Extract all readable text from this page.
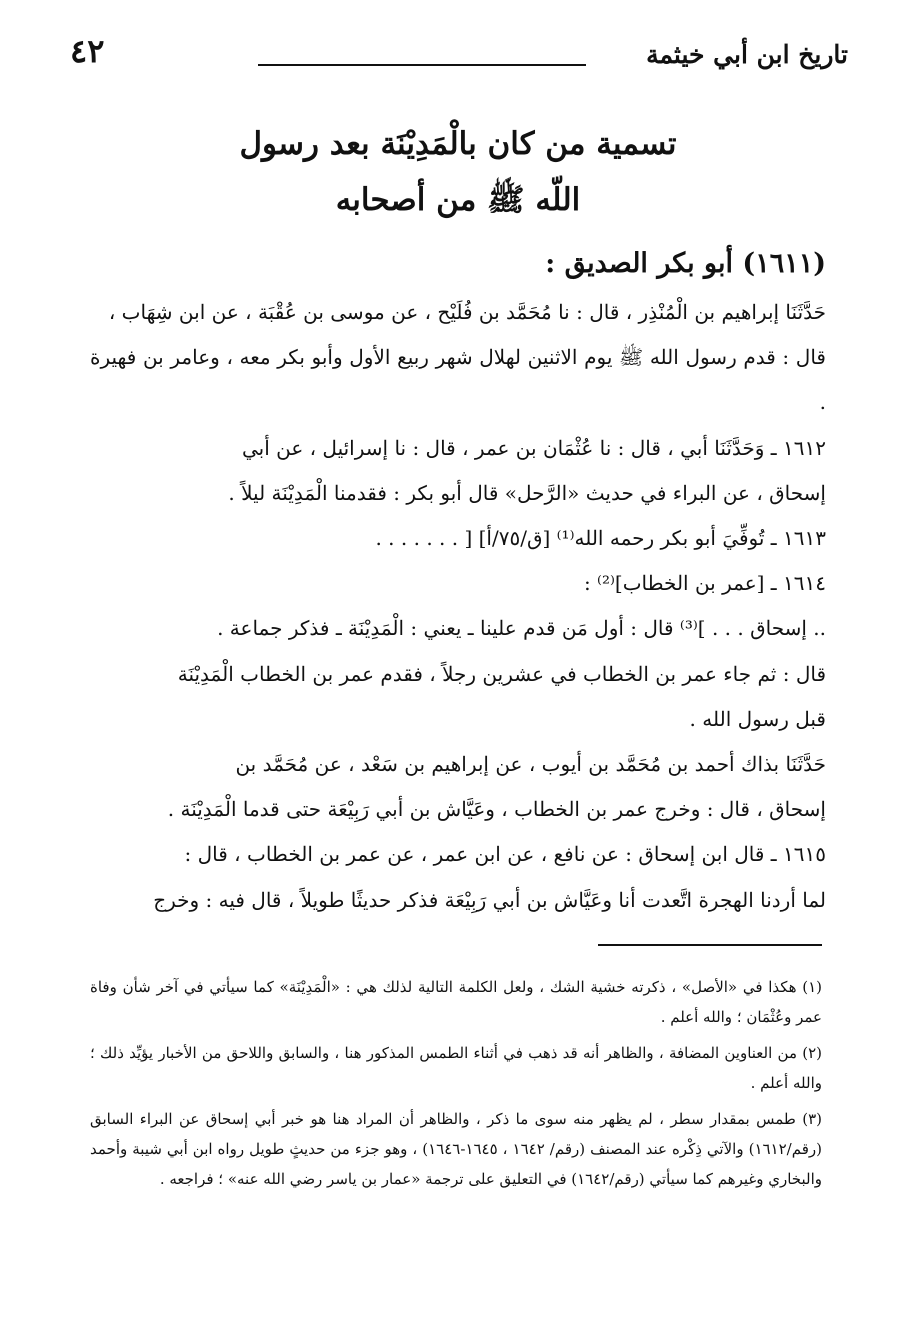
تاريخ ابن أبي خيثمة
٤٢
تسمية من كان بالْمَدِيْنَة بعد رسول
اللّه ﷺ من أصحابه

(١٦١١) أبو بكر الصديق :

حَدَّثَنَا إبراهيم بن الْمُنْذِر ، قال : نا مُحَمَّد بن فُلَيْح ، عن موسى بن عُقْبَة ، عن ابن شِهَاب ،

قال : قدم رسول الله ﷺ يوم الاثنين لهلال شهر ربيع الأول وأبو بكر معه ، وعامر بن فهيرة .

١٦١٢ ـ وَحَدَّثَنَا أبي ، قال : نا عُثْمَان بن عمر ، قال : نا إسرائيل ، عن أبي

إسحاق ، عن البراء في حديث «الرَّحل» قال أبو بكر : فقدمنا الْمَدِيْنَة ليلاً .

١٦١٣ ـ تُوفِّيَ أبو بكر رحمه الله⁽¹⁾ [ق/٧٥/أ] [ . . . . . . .

١٦١٤ ـ [عمر بن الخطاب]⁽²⁾ :

.. إسحاق . . . ]⁽³⁾ قال : أول مَن قدم علينا ـ يعني : الْمَدِيْنَة ـ فذكر جماعة .

قال : ثم جاء عمر بن الخطاب في عشرين رجلاً ، فقدم عمر بن الخطاب الْمَدِيْنَة

قبل رسول الله .

حَدَّثَنَا بذاك أحمد بن مُحَمَّد بن أيوب ، عن إبراهيم بن سَعْد ، عن مُحَمَّد بن

إسحاق ، قال : وخرج عمر بن الخطاب ، وعَيَّاش بن أبي رَبِيْعَة حتى قدما الْمَدِيْنَة .

١٦١٥ ـ قال ابن إسحاق : عن نافع ، عن ابن عمر ، عن عمر بن الخطاب ، قال :

لما أردنا الهجرة اتَّعدت أنا وعَيَّاش بن أبي رَبِيْعَة فذكر حديثًا طويلاً ، قال فيه : وخرج

(١) هكذا في «الأصل» ، ذكرته خشية الشك ، ولعل الكلمة التالية لذلك هي : «الْمَدِيْنَة» كما سيأتي في آخر شأن وفاة عمر وعُثْمَان ؛ والله أعلم .

(٢) من العناوين المضافة ، والظاهر أنه قد ذهب في أثناء الطمس المذكور هنا ، والسابق واللاحق من الأخبار يؤيِّد ذلك ؛ والله أعلم .

(٣) طمس بمقدار سطر ، لم يظهر منه سوى ما ذكر ، والظاهر أن المراد هنا هو خبر أبي إسحاق عن البراء السابق (رقم/١٦١٢) والآتي ذِكْره عند المصنف (رقم/ ١٦٤٢ ، ١٦٤٥-١٦٤٦) ، وهو جزء من حديثٍ طويل رواه ابن أبي شيبة وأحمد والبخاري وغيرهم كما سيأتي (رقم/١٦٤٢) في التعليق على ترجمة «عمار بن ياسر رضي الله عنه» ؛ فراجعه .
